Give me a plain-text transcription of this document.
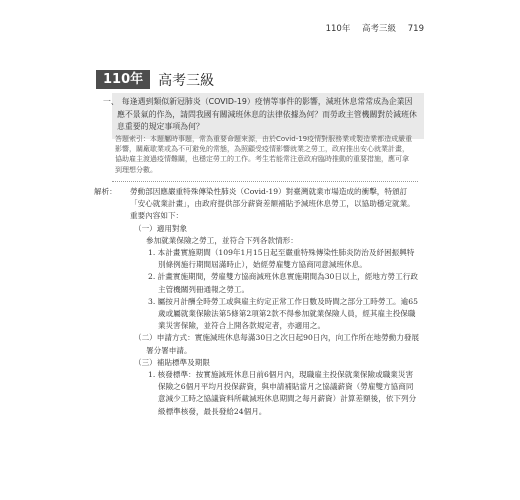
110年 高考三級 719
110年	高考三級
一、 每逢遇到類似新冠肺炎（COVID-19）疫情等事件的影響，減班休息常常成為企業因應不景氣的作為，請問我國有關減班休息的法律依據為何？而勞政主管機關對於減班休息重要的規定事項為何？
答題索引：本題屬時事題，常為重要命題來源，由於Covid-19疫情對服務業或製造業都造成嚴重影響，關廠歇業或為不可避免的常態，為照顧受疫情影響就業之勞工，政府推出安心就業計畫，協助雇主渡過疫情難關，也穩定勞工的工作。考生若能常注意政府臨時推動的重要措施，應可拿到理想分數。
解析：	勞動部因應嚴重特殊傳染性肺炎（Covid-19）對臺灣就業市場造成的衝擊，特頒訂「安心就業計畫」，由政府提供部分薪資差額補貼予減班休息勞工，以協助穩定就業。重要內容如下：

（一）適用對象

參加就業保險之勞工，並符合下列各款情形：

1. 本計畫實施期間（109年1月15日起至嚴重特殊傳染性肺炎防治及紓困振興特別條例施行期間屆滿時止），始經勞雇雙方協商同意減班休息。

2. 計畫實施期間，勞雇雙方協商減班休息實施期間為30日以上，經地方勞工行政主管機關列冊通報之勞工。

3. 屬按月計酬全時勞工或與雇主約定正常工作日數及時間之部分工時勞工。逾65歲或屬就業保險法第5條第2項第2款不得參加就業保險人員，經其雇主投保職業災害保險，並符合上開各款規定者，亦適用之。

（二）申請方式：實施減班休息每滿30日之次日起90日內，向工作所在地勞動力發展署分署申請。

（三）補貼標準及期限

1. 核發標準：按實施減班休息日前6個月內，現職雇主投保就業保險或職業災害保險之6個月平均月投保薪資，與申請補貼當月之協議薪資（勞雇雙方協商同意減少工時之協議資料所載減班休息期間之每月薪資）計算差額後，依下列分級標準核發，最長發給24個月。
